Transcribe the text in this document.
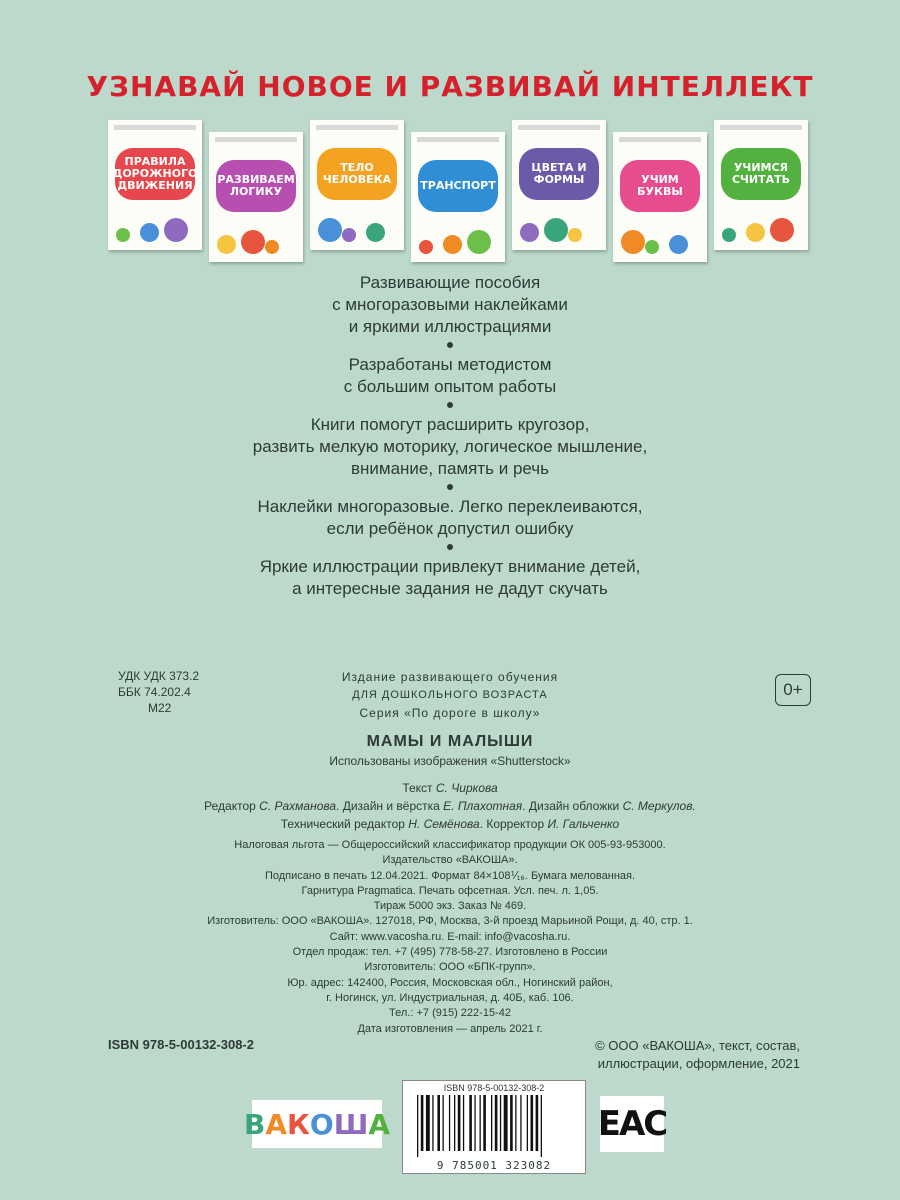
УЗНАВАЙ НОВОЕ И РАЗВИВАЙ ИНТЕЛЛЕКТ
ПРАВИЛА ДОРОЖНОГО ДВИЖЕНИЯ РАЗВИВАЕМ ЛОГИКУ
ТЕЛО ЧЕЛОВЕКА	ТРАНСПОРТ
ЦВЕТА И ФОРМЫ	УЧИМ БУКВЫ
УЧИМСЯ СЧИТАТЬ
Развивающие пособия
с многоразовыми наклейками
и яркими иллюстрациями
Разработаны методистом
с большим опытом работы
Книги помогут расширить кругозор,
развить мелкую моторику, логическое мышление,
внимание, память и речь
Наклейки многоразовые. Легко переклеиваются,
если ребёнок допустил ошибку
Яркие иллюстрации привлекут внимание детей,
а интересные задания не дадут скучать
УДК УДК 373.2
ББК 74.202.4
М22
0+
Издание развивающего обучения
ДЛЯ ДОШКОЛЬНОГО ВОЗРАСТА
Серия «По дороге в школу»
МАМЫ И МАЛЫШИ
Использованы изображения «Shutterstock»
Текст С. Чиркова
Редактор С. Рахманова. Дизайн и вёрстка Е. Плахотная. Дизайн обложки С. Меркулов.
Технический редактор Н. Семёнова. Корректор И. Гальченко
Налоговая льгота — Общероссийский классификатор продукции ОК 005-93-953000.
Издательство «ВАКОША».
Подписано в печать 12.04.2021. Формат 84×108⅟₁₆. Бумага мелованная.
Гарнитура Pragmatica. Печать офсетная. Усл. печ. л. 1,05.
Тираж 5000 экз. Заказ № 469.
Изготовитель: ООО «ВАКОША». 127018, РФ, Москва, 3-й проезд Марьиной Рощи, д. 40, стр. 1.
Сайт: www.vacosha.ru. E-mail: info@vacosha.ru.
Отдел продаж: тел. +7 (495) 778-58-27. Изготовлено в России
Изготовитель: ООО «БПК-групп».
Юр. адрес: 142400, Россия, Московская обл., Ногинский район,
г. Ногинск, ул. Индустриальная, д. 40Б, каб. 106.
Тел.: +7 (915) 222-15-42
Дата изготовления — апрель 2021 г.
ISBN 978-5-00132-308-2	© ООО «ВАКОША», текст, состав,
иллюстрации, оформление, 2021
ВАКОША
ISBN 978-5-00132-308-2
9 785001 323082
EAC
